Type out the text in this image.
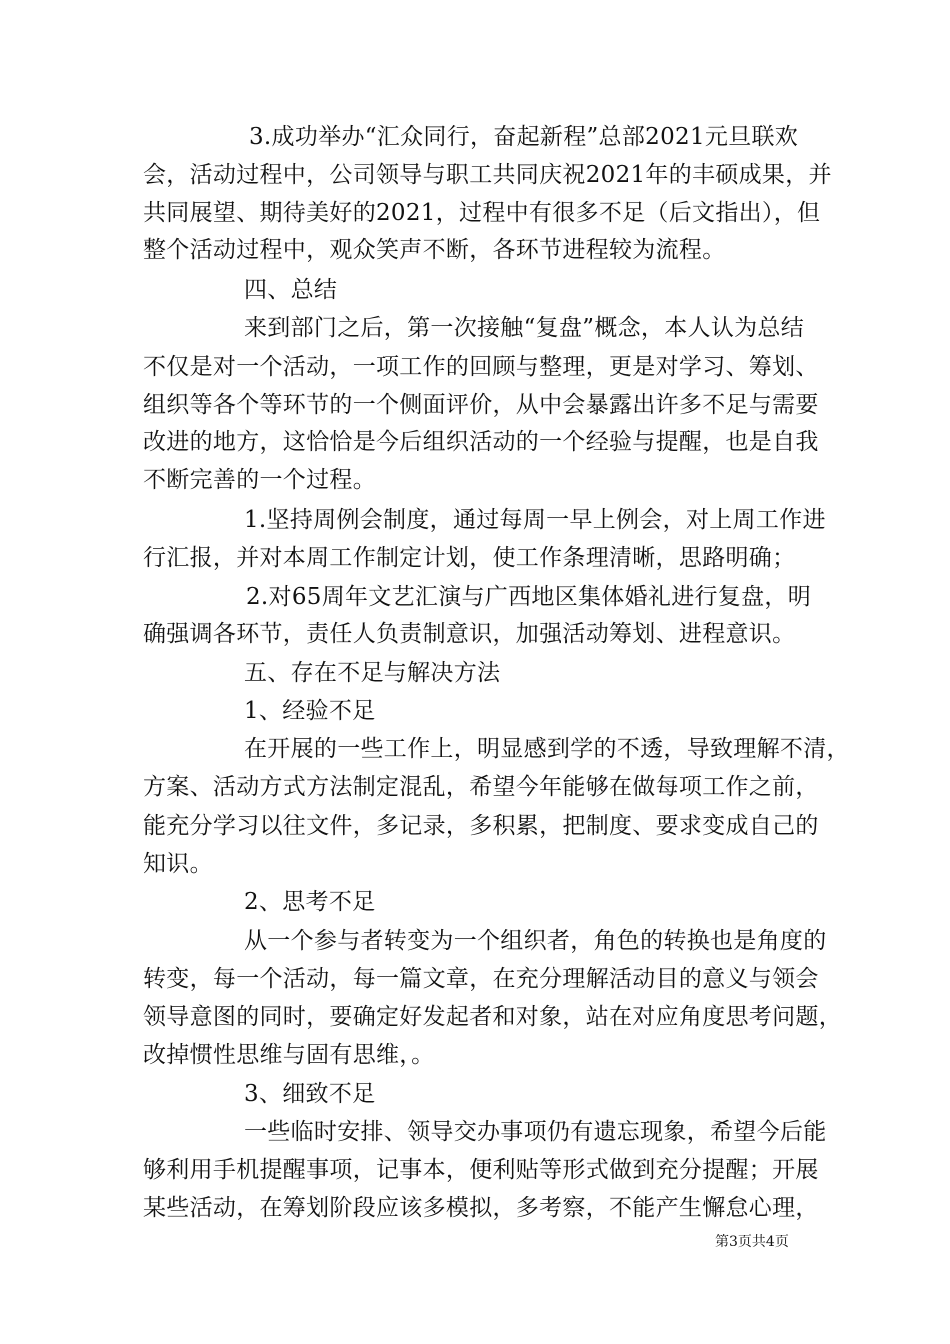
3.成功举办“汇众同行，奋起新程”总部2021元旦联欢
会，活动过程中，公司领导与职工共同庆祝2021年的丰硕成果，并
共同展望、期待美好的2021，过程中有很多不足（后文指出），但
整个活动过程中，观众笑声不断，各环节进程较为流程。
四、总结
来到部门之后，第一次接触“复盘”概念，本人认为总结
不仅是对一个活动，一项工作的回顾与整理，更是对学习、筹划、
组织等各个等环节的一个侧面评价，从中会暴露出许多不足与需要
改进的地方，这恰恰是今后组织活动的一个经验与提醒，也是自我
不断完善的一个过程。
1.坚持周例会制度，通过每周一早上例会，对上周工作进
行汇报，并对本周工作制定计划，使工作条理清晰，思路明确；
2.对65周年文艺汇演与广西地区集体婚礼进行复盘，明
确强调各环节，责任人负责制意识，加强活动筹划、进程意识。
五、存在不足与解决方法
1、经验不足
在开展的一些工作上，明显感到学的不透，导致理解不清，
方案、活动方式方法制定混乱，希望今年能够在做每项工作之前，
能充分学习以往文件，多记录，多积累，把制度、要求变成自己的
知识。
2、思考不足
从一个参与者转变为一个组织者，角色的转换也是角度的
转变，每一个活动，每一篇文章，在充分理解活动目的意义与领会
领导意图的同时，要确定好发起者和对象，站在对应角度思考问题，
改掉惯性思维与固有思维，。
3、细致不足
一些临时安排、领导交办事项仍有遗忘现象，希望今后能
够利用手机提醒事项，记事本，便利贴等形式做到充分提醒；开展
某些活动，在筹划阶段应该多模拟，多考察，不能产生懈怠心理，
第3页共4页
